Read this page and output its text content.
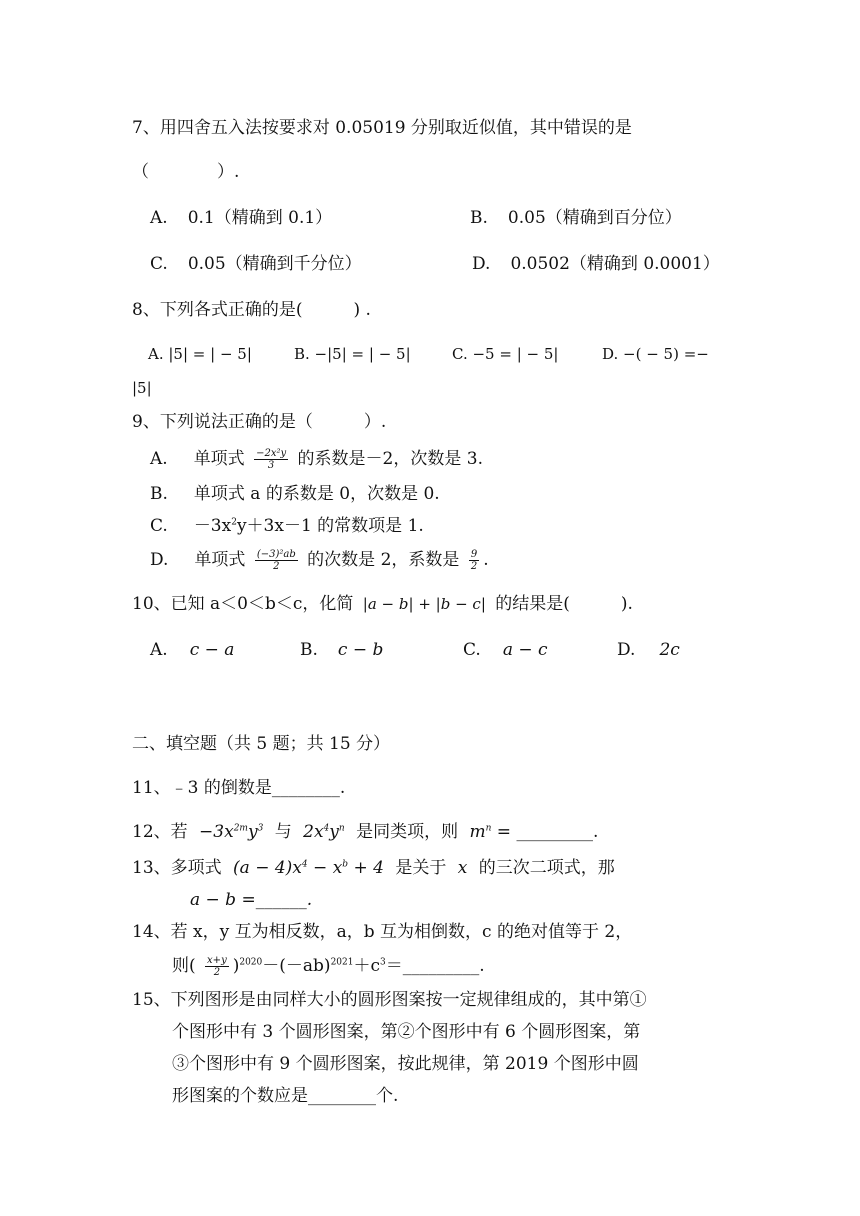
7、用四舍五入法按要求对 0.05019 分别取近似值，其中错误的是
（　　　　）.
A. 0.1（精确到 0.1）	B. 0.05（精确到百分位）
C. 0.05（精确到千分位）	D. 0.0502（精确到 0.0001）
8、下列各式正确的是(　　　) .
A. |5| = | − 5|	B. −|5| = | − 5|	C. −5 = | − 5|	D. −( − 5) =−
|5|
9、下列说法正确的是（　　　）.
A. 单项式 $\frac{\text{−2x²y}}{3}$ 的系数是－2，次数是 3.
B. 单项式 a 的系数是 0，次数是 0.
C. $-3x^2y+3x-1$ 的常数项是 1.
D. 单项式 $\frac{\text{(−3)²ab}}{2}$ 的次数是 2，系数是 $\frac{9}{2}$ .
10、已知 a＜0＜b＜c，化简 |a − b| + |b − c| 的结果是(　　　).
A. c − a	B. c − b	C. a − c	D. 2c
二、填空题（共 5 题；共 15 分）
11、﹣3 的倒数是________.
12、若 $-3x^{2m}y^3$ 与 $2x^4y^n$ 是同类项，则 $m^n$ = _________.
13、多项式 $(a - 4)x^4 - x^b + 4$ 是关于 x 的三次二项式，那
a − b =______.
14、若 x，y 互为相反数，a，b 互为相倒数，c 的绝对值等于 2，
则( $\frac{x+y}{2}$ )$^{2020}-(-ab)^{2021}+c^3=\_\_\_\_\_\_\_\_\_$.
15、下列图形是由同样大小的圆形图案按一定规律组成的，其中第①
个图形中有 3 个圆形图案，第②个图形中有 6 个圆形图案，第
③个图形中有 9 个圆形图案，按此规律，第 2019 个图形中圆
形图案的个数应是________个.
